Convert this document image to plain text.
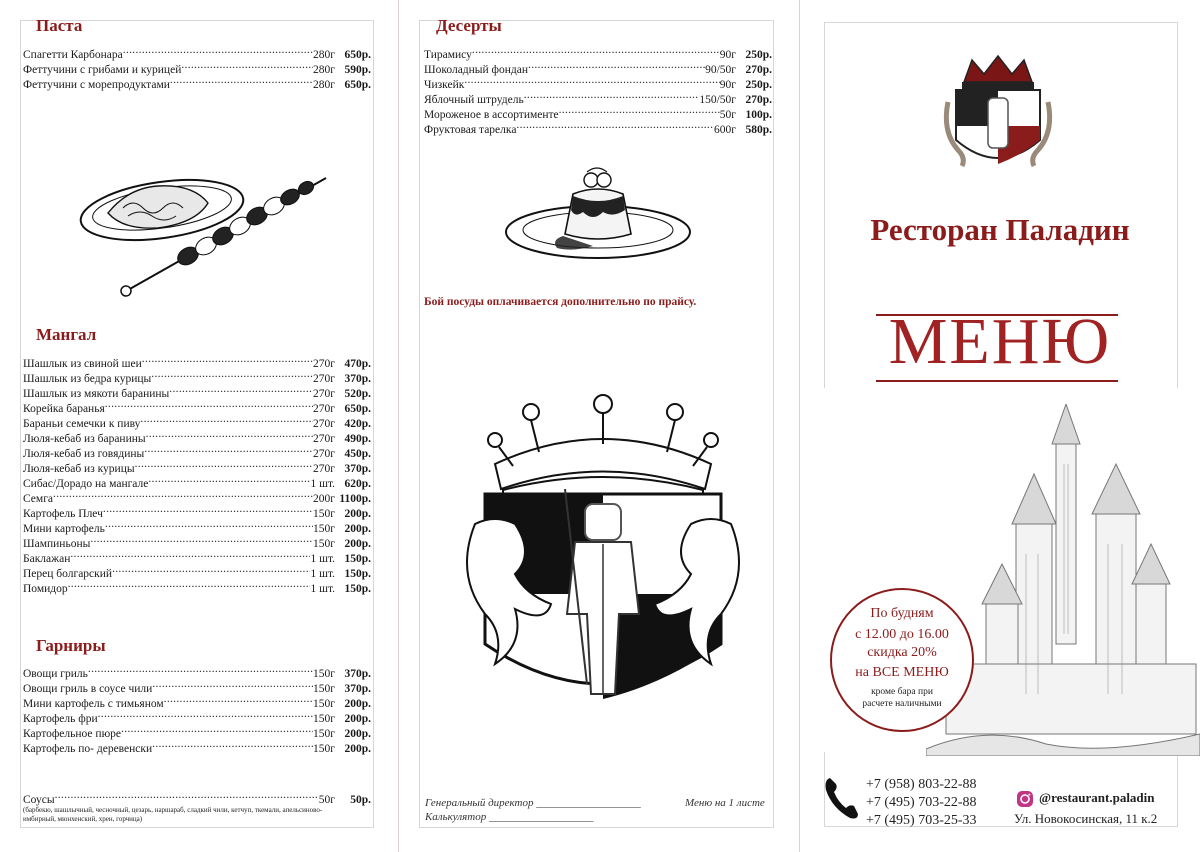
Паста
Спагетти Карбонара .....	280г 650р.
Феттучини с грибами и курицей .....	280г 590р.
Феттучини с морепродуктами .....	280г 650р.
Мангал
Шашлык из свиной шеи .....	270г 470р.
Шашлык из бедра курицы .....	270г 370р.
Шашлык из мякоти баранины .....	270г 520р.
Корейка баранья .....	270г 650р.
Бараньи семечки к пиву .....	270г 420р.
Люля-кебаб из баранины .....	270г 490р.
Люля-кебаб из говядины .....	270г 450р.
Люля-кебаб из курицы .....	270г 370р.
Сибас/Дорадо на мангале .....	1 шт. 620р.
Семга .....	200г 1100р.
Картофель Плеч .....	150г 200р.
Мини картофель .....	150г 200р.
Шампиньоны .....	150г 200р.
Баклажан .....	1 шт. 150р.
Перец болгарский .....	1 шт. 150р.
Помидор .....	1 шт. 150р.
Гарниры
Овощи гриль .....	150г 370р.
Овощи гриль в соусе чили .....	150г 370р.
Мини картофель с тимьяном .....	150г 200р.
Картофель фри .....	150г 200р.
Картофельное пюре .....	150г 200р.
Картофель по- деревенски .....	150г 200р.
Соусы .....	50г	50р.
(барбекю, шашлычный, чесночный, цезарь, наршараб, сладкий чили, кетчуп, ткемали, апельсиново-имбирный, мюнхенский, хрен, горчица)
Десерты
Тирамису .....	90г 250р.
Шоколадный фондан .....	90/50г 270р.
Чизкейк .....	90г 250р.
Яблочный штрудель .....	150/50г 270р.
Мороженое в ассортименте .....	50г 100р.
Фруктовая тарелка .....	600г 580р.
Бой посуды оплачивается дополнительно по прайсу.
Генеральный директор ___________________
Калькулятор ___________________
Меню на 1 листе
Ресторан Паладин
МЕНЮ
По будням
с 12.00 до 16.00
скидка 20%
на ВСЕ МЕНЮ
кроме бара при
расчете наличными
+7 (958) 803-22-88
+7 (495) 703-22-88
+7 (495) 703-25-33
@restaurant.paladin
Ул. Новокосинская, 11 к.2
